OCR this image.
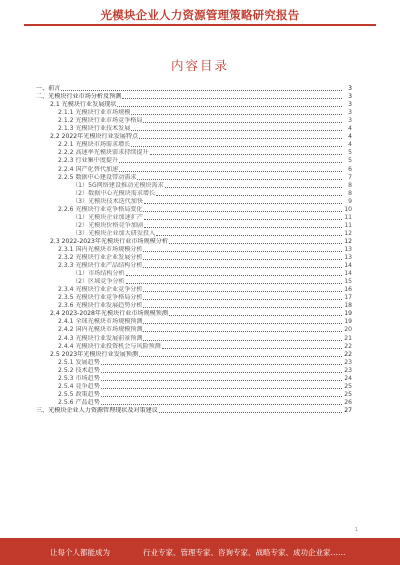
光模块企业人力资源管理策略研究报告
内容目录
一、前言	3
二、光模块行业市场分析及预测	3
2.1 光模块行业发展现状	3
2.1.1 光模块行业市场规模	3
2.1.2 光模块行业市场竞争格局	3
2.1.3 光模块行业技术发展	4
2.2 2022年光模块行业发展特点	4
2.2.1 光模块市场需求增长	4
2.2.2 高速率光模块需求持续提升	5
2.2.3 行业集中度提升	5
2.2.4 国产化替代加速	6
2.2.5 数据中心建设带动需求	7
（1）5G网络建设推动光模块需求	8
（2）数据中心光模块需求增长	8
（3）光模块技术迭代加快	9
2.2.6 光模块行业竞争格局变化	10
（1）光模块企业加速扩产	11
（2）光模块价格竞争加剧	11
（3）光模块企业加大研发投入	12
2.3 2022-2023年光模块行业市场规模分析	12
2.3.1 国内光模块市场规模分析	13
2.3.2 光模块行业企业发展分析	13
2.3.3 光模块行业产品结构分析	14
（1）市场结构分析	14
（2）区域竞争分析	15
2.3.4 光模块行业企业竞争分析	16
2.3.5 光模块行业竞争格局分析	17
2.3.6 光模块行业发展趋势分析	18
2.4 2023-2028年光模块行业市场规模预测	19
2.4.1 全球光模块市场规模预测	19
2.4.2 国内光模块市场规模预测	20
2.4.3 光模块行业发展前景预测	21
2.4.4 光模块行业投资机会与风险预测	22
2.5 2023年光模块行业发展预测	22
2.5.1 发展趋势	23
2.5.2 技术趋势	23
2.5.3 市场趋势	24
2.5.4 竞争趋势	25
2.5.5 政策趋势	25
2.5.6 产品趋势	26
三、光模块企业人力资源管理现状及对策建议	27
1
让每个人都能成为	行业专家、管理专家、咨询专家、战略专家、成功企业家……
